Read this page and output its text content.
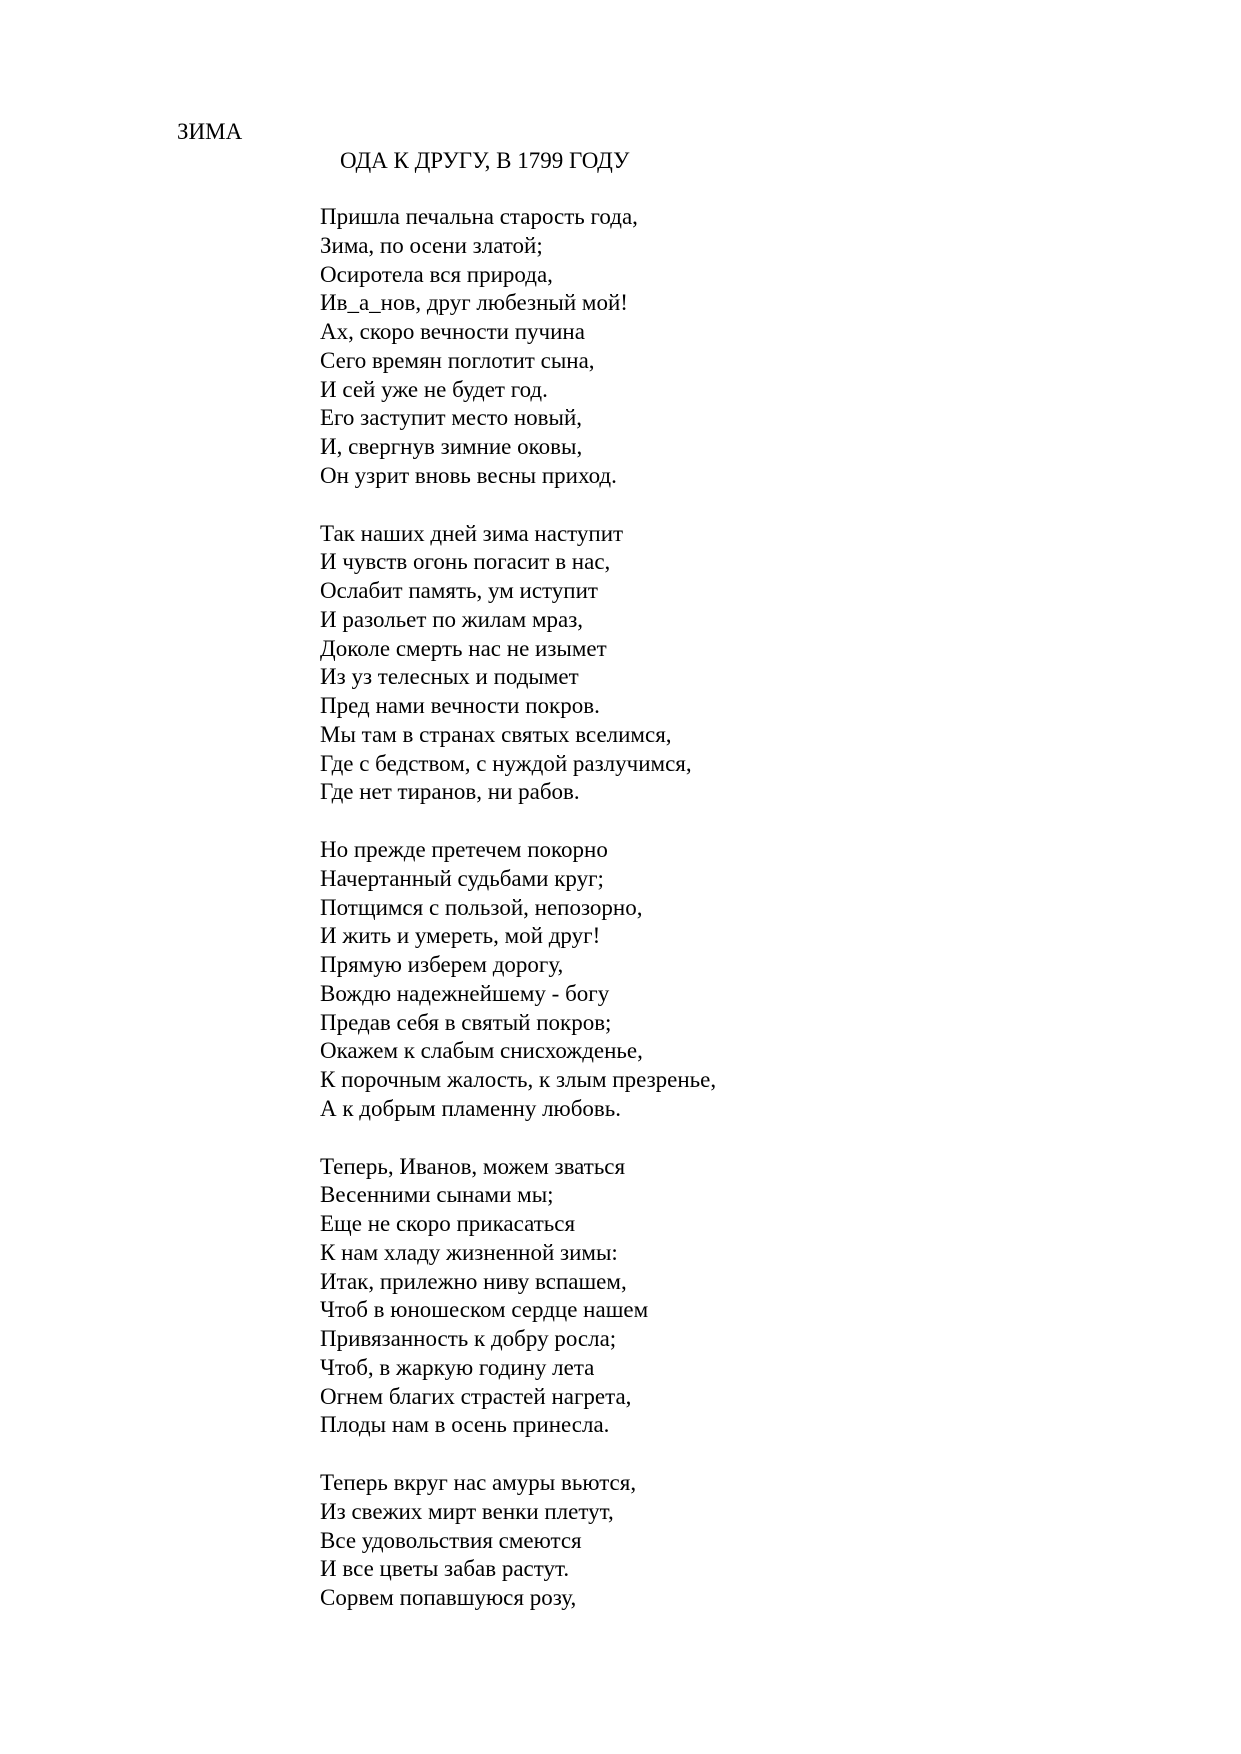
ЗИМА
ОДА К ДРУГУ, В 1799 ГОДУ
Пришла печальна старость года,
Зима, по осени златой;
Осиротела вся природа,
Ив_а_нов, друг любезный мой!
Ах, скоро вечности пучина
Сего времян поглотит сына,
И сей уже не будет год.
Его заступит место новый,
И, свергнув зимние оковы,
Он узрит вновь весны приход.
Так наших дней зима наступит
И чувств огонь погасит в нас,
Ослабит память, ум иступит
И разольет по жилам мраз,
Доколе смерть нас не изымет
Из уз телесных и подымет
Пред нами вечности покров.
Мы там в странах святых вселимся,
Где с бедством, с нуждой разлучимся,
Где нет тиранов, ни рабов.
Но прежде претечем покорно
Начертанный судьбами круг;
Потщимся с пользой, непозорно,
И жить и умереть, мой друг!
Прямую изберем дорогу,
Вождю надежнейшему - богу
Предав себя в святый покров;
Окажем к слабым снисхожденье,
К порочным жалость, к злым презренье,
А к добрым пламенну любовь.
Теперь, Иванов, можем зваться
Весенними сынами мы;
Еще не скоро прикасаться
К нам хладу жизненной зимы:
Итак, прилежно ниву вспашем,
Чтоб в юношеском сердце нашем
Привязанность к добру росла;
Чтоб, в жаркую годину лета
Огнем благих страстей нагрета,
Плоды нам в осень принесла.
Теперь вкруг нас амуры вьются,
Из свежих мирт венки плетут,
Все удовольствия смеются
И все цветы забав растут.
Сорвем попавшуюся розу,
